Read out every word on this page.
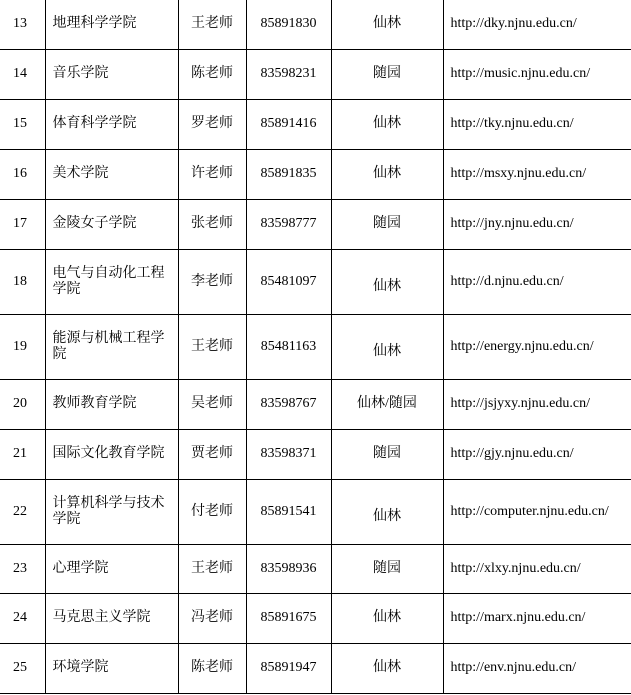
13	地理科学学院	王老师	85891830	仙林	http://dky.njnu.edu.cn/
14	音乐学院	陈老师	83598231	随园	http://music.njnu.edu.cn/
15	体育科学学院	罗老师	85891416	仙林	http://tky.njnu.edu.cn/
16	美术学院	许老师	85891835	仙林	http://msxy.njnu.edu.cn/
17	金陵女子学院	张老师	83598777	随园	http://jny.njnu.edu.cn/
18	电气与自动化工程学院	李老师	85481097	仙林	http://d.njnu.edu.cn/
19	能源与机械工程学院	王老师	85481163	仙林	http://energy.njnu.edu.cn/
20	教师教育学院	吴老师	83598767	仙林/随园	http://jsjyxy.njnu.edu.cn/
21	国际文化教育学院	贾老师	83598371	随园	http://gjy.njnu.edu.cn/
22	计算机科学与技术学院	付老师	85891541	仙林	http://computer.njnu.edu.cn/
23	心理学院	王老师	83598936	随园	http://xlxy.njnu.edu.cn/
24	马克思主义学院	冯老师	85891675	仙林	http://marx.njnu.edu.cn/
25	环境学院	陈老师	85891947	仙林	http://env.njnu.edu.cn/
